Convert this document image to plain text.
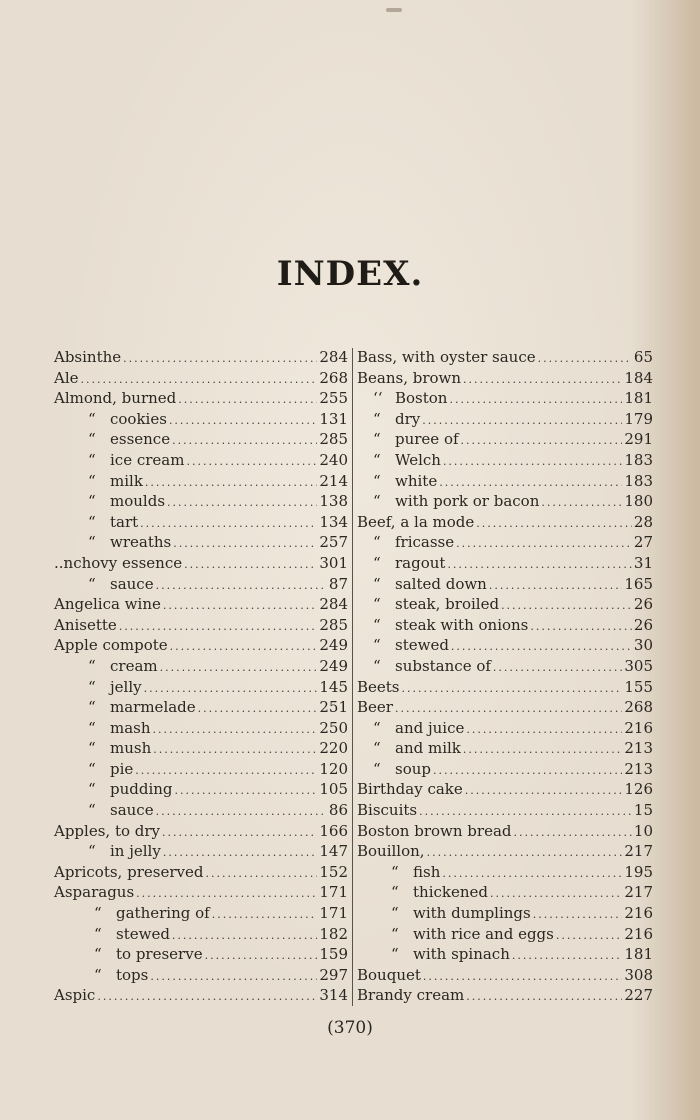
INDEX.
Absinthe .....	284
Ale .....	268
Almond, burned .....	255
“ cookies .....	131
“ essence .....	285
“ ice cream .....	240
“ milk .....	214
“ moulds .....	138
“ tart .....	134
“ wreaths .....	257
..nchovy essence .....	301
“ sauce .....	87
Angelica wine .....	284
Anisette .....	285
Apple compote .....	249
“ cream .....	249
“ jelly .....	145
“ marmelade .....	251
“ mash .....	250
“ mush .....	220
“ pie .....	120
“ pudding .....	105
“ sauce .....	86
Apples, to dry .....	166
“ in jelly .....	147
Apricots, preserved .....	152
Asparagus .....	171
“ gathering of .....	171
“ stewed .....	182
“ to preserve .....	159
“ tops .....	297
Aspic .....	314
Bass, with oyster sauce .....	65
Beans, brown .....	184
‘‘ Boston .....	181
“ dry .....	179
“ puree of .....	291
“ Welch .....	183
“ white .....	183
“ with pork or bacon .....	180
Beef, a la mode .....	28
“ fricasse .....	27
“ ragout .....	31
“ salted down .....	165
“ steak, broiled .....	26
“ steak with onions .....	26
“ stewed .....	30
“ substance of .....	305
Beets .....	155
Beer .....	268
“ and juice .....	216
“ and milk .....	213
“ soup .....	213
Birthday cake .....	126
Biscuits .....	15
Boston brown bread .....	10
Bouillon, .....	217
“ fish .....	195
“ thickened .....	217
“ with dumplings .....	216
“ with rice and eggs .....	216
“ with spinach .....	181
Bouquet .....	308
Brandy cream .....	227
(370)
